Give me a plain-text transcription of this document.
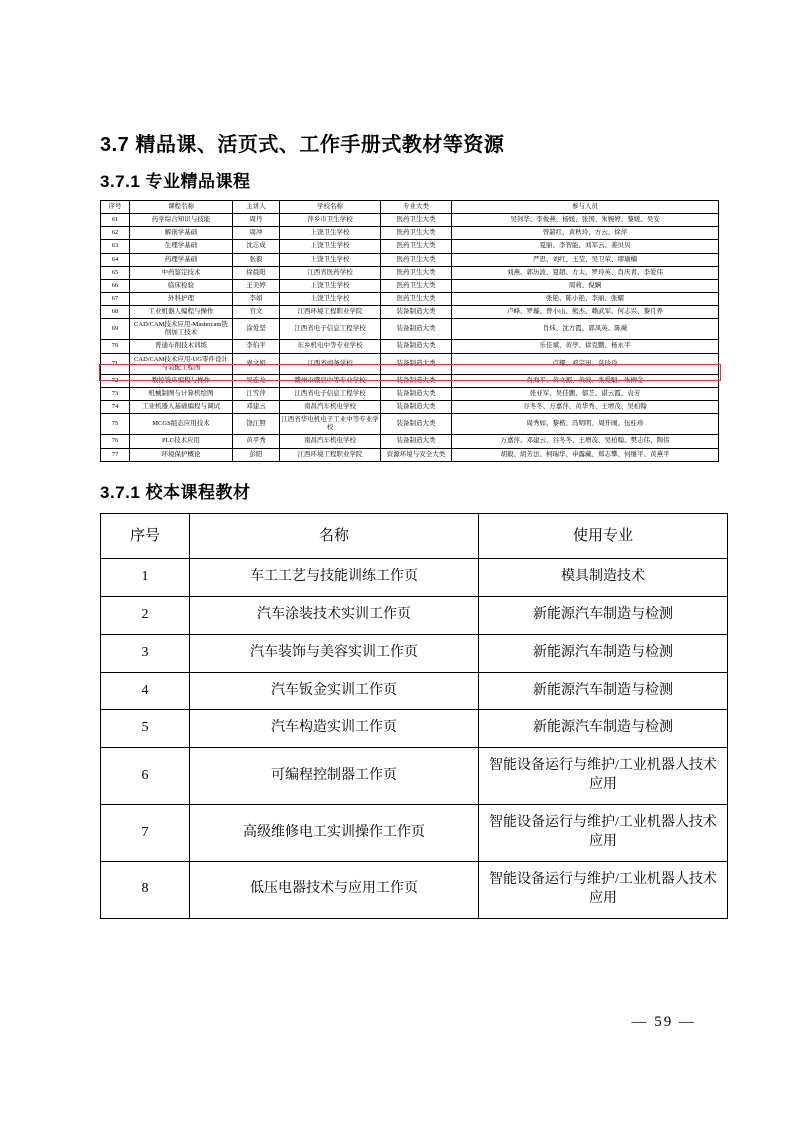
3.7 精品课、活页式、工作手册式教材等资源
3.7.1 专业精品课程
序号	课程名称	主讲人	学校名称	专业大类	参与人员
61	药学综合知识与技能	周丹	萍乡市卫生学校	医药卫生大类	吴剑华、李俊燕、杨媛、张国、朱婉婷、黎媛、吴安
62	解剖学基础	周冲	上饶卫生学校	医药卫生大类	曾韶红、黄秋玲、方云、徐萍
63	生理学基础	沈志成	上饶卫生学校	医药卫生大类	夏丽、李智能、刘军云、姜贝贝
64	药理学基础	张毅	上饶卫生学校	医药卫生大类	严思、刘红、王莹、吴卫荣、缪瑜楠
65	中药鉴定技术	徐晨阳	江西省医药学校	医药卫生大类	刘燕、郭历波、夏超、方太、罗玲英、肖庆青、李爱伟
66	临床检验	王美婷	上饶卫生学校	医药卫生大类	周莉、倪娴
67	外科护理	李娟	上饶卫生学校	医药卫生大类	张艳、陈小艳、李丽、张耀
68	工业机器人编程与操作	官文	江西环境工程职业学院	装备制造大类	卢峰、罗璇、曾小山、熊杰、赖武军、何志兴、黎月养
69	CAD/CAM技术应用-Mastercam铣削加工技术	涂爱坚	江西省电子信息工程学校	装备制造大类	肖炜、沈方霞、郭凤英、陈薇
70	普通车削技术训练	李伯平	东乡机电中等专业学校	装备制造大类	乐佳斌、黄亭、徐克鹏、杨永平
71	CAD/CAM技术应用-UG零件设计与装配工程图	辜文娟	江西省商务学校	装备制造大类	卢耀、邓宗田、莫玲玲
72	数控铣床编程与操作	吴连龙	赣州市赣县中等专业学校	装备制造大类	肖海平、黄文源、黄波、张爱魁、朱柳金
73	机械制图与计算机绘图	江雪萍	江西省电子信息工程学校	装备制造大类	张亚军、吴佳鹏、郁芝、谌云霞、袁芳
74	工业机器人基础编程与调试	邓建云	南昌汽车机电学校	装备制造大类	谷冬冬、万嘉萍、黄华秀、王增茂、吴柏翰
75	MCGS组态应用技术	饶江照	江西省华电机电子工业中等专业学校	装备制造大类	周秀如、黎楷、冯明明、周开闹、伍桂珍
76	PLC技术应用	黄平秀	南昌汽车机电学校	装备制造大类	万嘉萍、邓建云、谷冬冬、王增茂、吴柏翰、樊志伟、陶伟
77	环境保护概论	彭阳	江西环境工程职业学院	资源环境与安全大类	胡毅、胡芳法、柯瑞华、申露藏、郑志攀、何继平、黄燕平
3.7.1 校本课程教材
序号	名称	使用专业
1	车工工艺与技能训练工作页	模具制造技术
2	汽车涂装技术实训工作页	新能源汽车制造与检测
3	汽车装饰与美容实训工作页	新能源汽车制造与检测
4	汽车钣金实训工作页	新能源汽车制造与检测
5	汽车构造实训工作页	新能源汽车制造与检测
6	可编程控制器工作页	智能设备运行与维护/工业机器人技术应用
7	高级维修电工实训操作工作页	智能设备运行与维护/工业机器人技术应用
8	低压电器技术与应用工作页	智能设备运行与维护/工业机器人技术应用
— 59 —
